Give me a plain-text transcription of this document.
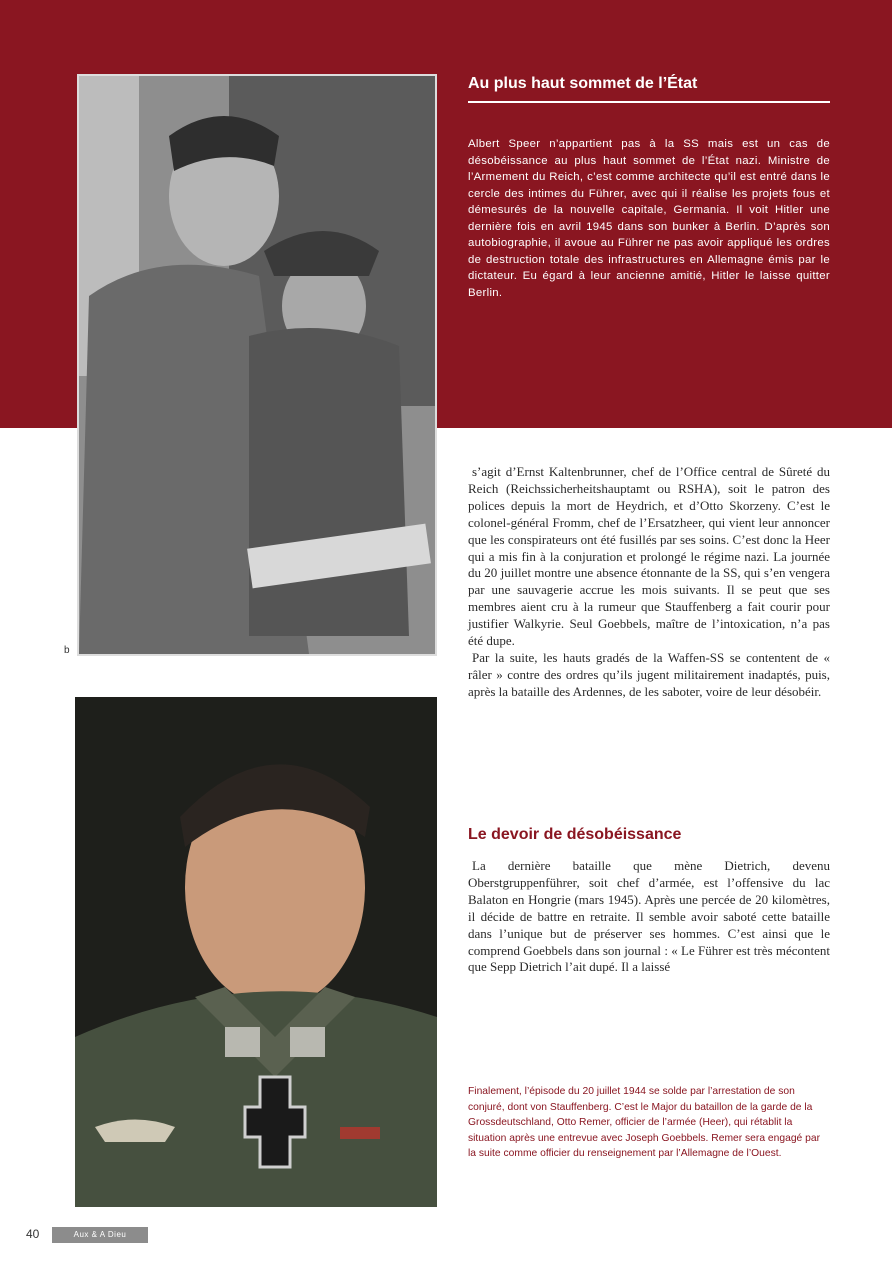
b
Au plus haut sommet de l’État
Albert Speer n’appartient pas à la SS mais est un cas de désobéissance au plus haut sommet de l’État nazi. Ministre de l’Armement du Reich, c’est comme architecte qu’il est entré dans le cercle des intimes du Führer, avec qui il réalise les projets fous et démesurés de la nouvelle capitale, Germania. Il voit Hitler une dernière fois en avril 1945 dans son bunker à Berlin. D’après son autobiographie, il avoue au Führer ne pas avoir appliqué les ordres de destruction totale des infrastructures en Allemagne émis par le dictateur. Eu égard à leur ancienne amitié, Hitler le laisse quitter Berlin.

s’agit d’Ernst Kaltenbrunner, chef de l’Office central de Sûreté du Reich (Reichssicherheitshauptamt ou RSHA), soit le patron des polices depuis la mort de Heydrich, et d’Otto Skorzeny. C’est le colonel-général Fromm, chef de l’Ersatzheer, qui vient leur annoncer que les conspirateurs ont été fusillés par ses soins. C’est donc la Heer qui a mis fin à la conjuration et prolongé le régime nazi. La journée du 20 juillet montre une absence étonnante de la SS, qui s’en vengera par une sauvagerie accrue les mois suivants. Il se peut que ses membres aient cru à la rumeur que Stauffenberg a fait courir pour justifier Walkyrie. Seul Goebbels, maître de l’intoxication, n’a pas été dupe.

Par la suite, les hauts gradés de la Waffen-SS se contentent de « râler » contre des ordres qu’ils jugent militairement inadaptés, puis, après la bataille des Ardennes, de les saboter, voire de leur désobéir.

Le devoir de désobéissance

La dernière bataille que mène Dietrich, devenu Oberstgruppenführer, soit chef d’armée, est l’offensive du lac Balaton en Hongrie (mars 1945). Après une percée de 20 kilomètres, il décide de battre en retraite. Il semble avoir saboté cette bataille dans l’unique but de préserver ses hommes. C’est ainsi que le comprend Goebbels dans son journal : « Le Führer est très mécontent que Sepp Dietrich l’ait dupé. Il a laissé

Finalement, l’épisode du 20 juillet 1944 se solde par l’arrestation de son conjuré, dont von Stauffenberg. C’est le Major du bataillon de la garde de la Grossdeutschland, Otto Remer, officier de l’armée (Heer), qui rétablit la situation après une entrevue avec Joseph Goebbels. Remer sera engagé par la suite comme officier du renseignement par l’Allemagne de l’Ouest.
40	Aux & A Dieu
